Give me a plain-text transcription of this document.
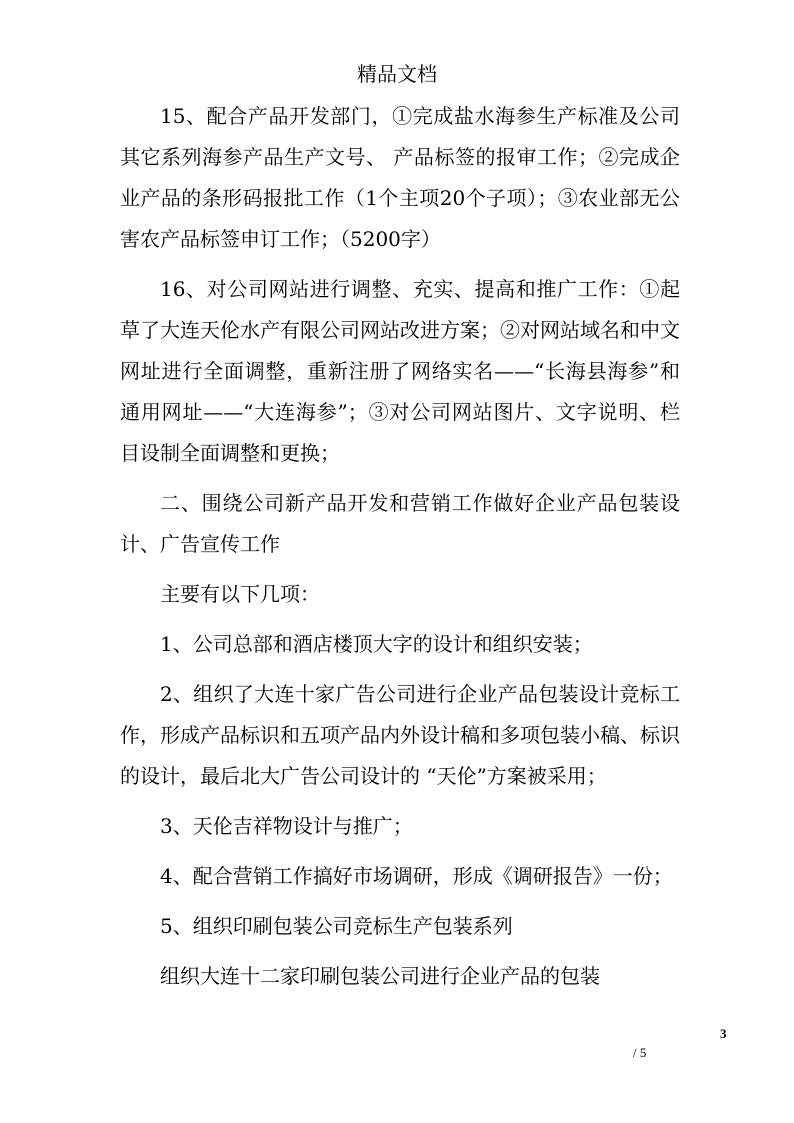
精品文档

15、配合产品开发部门，①完成盐水海参生产标准及公司其它系列海参产品生产文号、 产品标签的报审工作；②完成企业产品的条形码报批工作（1个主项20个子项）；③农业部无公害农产品标签申订工作；（5200字）

16、对公司网站进行调整、充实、提高和推广工作：①起草了大连天伦水产有限公司网站改进方案；②对网站域名和中文网址进行全面调整，重新注册了网络实名——“长海县海参”和通用网址——“大连海参”；③对公司网站图片、文字说明、栏目设制全面调整和更换；

二、围绕公司新产品开发和营销工作做好企业产品包装设计、广告宣传工作

主要有以下几项：

1、公司总部和酒店楼顶大字的设计和组织安装；

2、组织了大连十家广告公司进行企业产品包装设计竞标工作，形成产品标识和五项产品内外设计稿和多项包装小稿、标识的设计，最后北大广告公司设计的 “天伦”方案被采用；

3、天伦吉祥物设计与推广；

4、配合营销工作搞好市场调研，形成《调研报告》一份；

5、组织印刷包装公司竞标生产包装系列

组织大连十二家印刷包装公司进行企业产品的包装

3
/ 5
